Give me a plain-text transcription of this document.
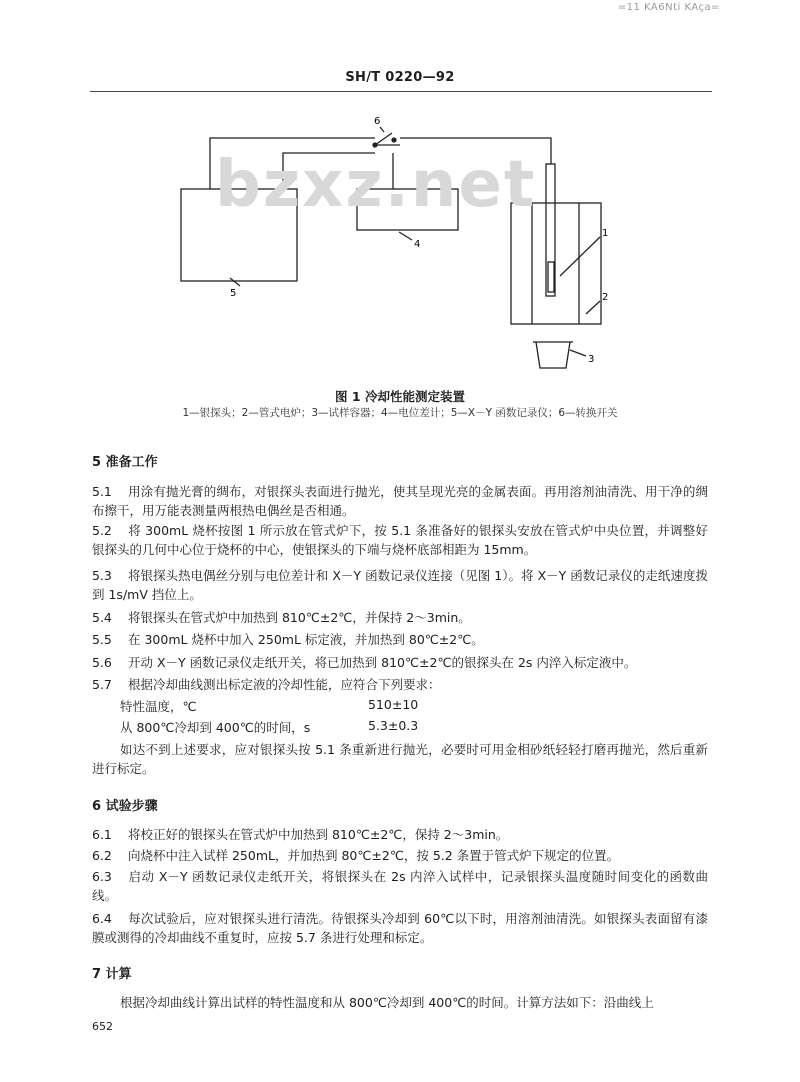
=11 KA6Nti KAça=
SH/T 0220—92
6
4
1
2
3
5
bzxz.net
图 1 冷却性能测定装置
1—银探头；2—管式电炉；3—试样容器；4—电位差计；5—X－Y 函数记录仪；6—转换开关
5 准备工作
5.1 用涂有抛光膏的绸布，对银探头表面进行抛光，使其呈现光亮的金属表面。再用溶剂油清洗、用干净的绸布擦干，用万能表测量两根热电偶丝是否相通。
5.2 将 300mL 烧杯按图 1 所示放在管式炉下，按 5.1 条准备好的银探头安放在管式炉中央位置，并调整好银探头的几何中心位于烧杯的中心，使银探头的下端与烧杯底部相距为 15mm。
5.3 将银探头热电偶丝分别与电位差计和 X－Y 函数记录仪连接（见图 1）。将 X－Y 函数记录仪的走纸速度拨到 1s/mV 挡位上。
5.4 将银探头在管式炉中加热到 810℃±2℃，并保持 2～3min。
5.5 在 300mL 烧杯中加入 250mL 标定液，并加热到 80℃±2℃。
5.6 开动 X－Y 函数记录仪走纸开关，将已加热到 810℃±2℃的银探头在 2s 内淬入标定液中。
5.7 根据冷却曲线测出标定液的冷却性能，应符合下列要求：
特性温度，℃	510±10
从 800℃冷却到 400℃的时间，s	5.3±0.3
如达不到上述要求，应对银探头按 5.1 条重新进行抛光，必要时可用金相砂纸轻轻打磨再抛光，然后重新进行标定。
6 试验步骤
6.1 将校正好的银探头在管式炉中加热到 810℃±2℃，保持 2～3min。
6.2 向烧杯中注入试样 250mL，并加热到 80℃±2℃，按 5.2 条置于管式炉下规定的位置。
6.3 启动 X－Y 函数记录仪走纸开关，将银探头在 2s 内淬入试样中，记录银探头温度随时间变化的函数曲线。
6.4 每次试验后，应对银探头进行清洗。待银探头冷却到 60℃以下时，用溶剂油清洗。如银探头表面留有漆膜或测得的冷却曲线不重复时，应按 5.7 条进行处理和标定。
7 计算
根据冷却曲线计算出试样的特性温度和从 800℃冷却到 400℃的时间。计算方法如下：沿曲线上
652
